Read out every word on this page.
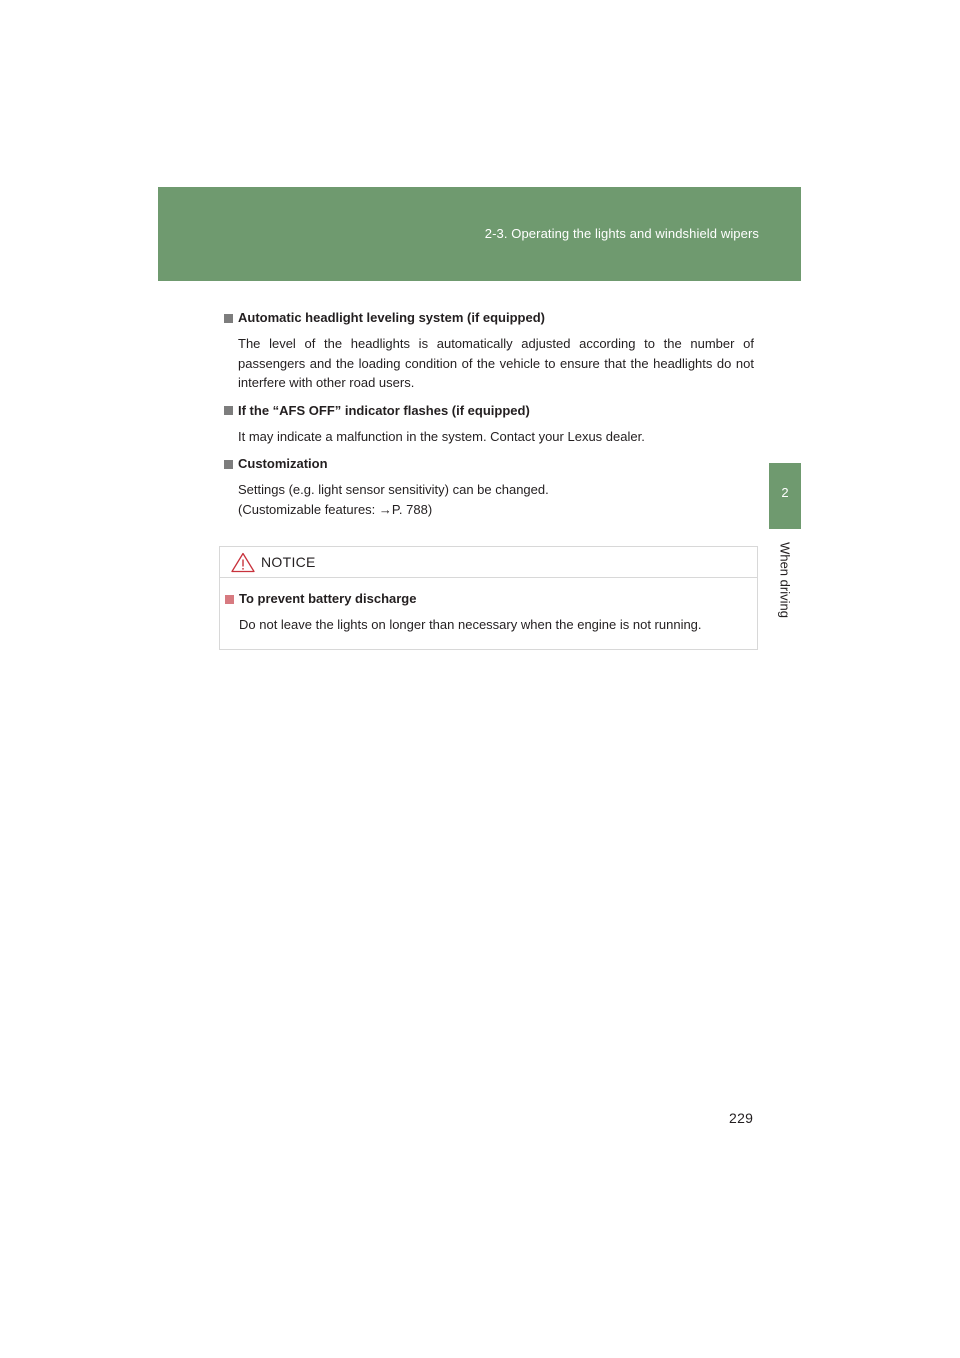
2-3. Operating the lights and windshield wipers
2
When driving
Automatic headlight leveling system (if equipped)
The level of the headlights is automatically adjusted according to the number of passengers and the loading condition of the vehicle to ensure that the headlights do not interfere with other road users.
If the “AFS OFF” indicator flashes (if equipped)
It may indicate a malfunction in the system. Contact your Lexus dealer.
Customization
Settings (e.g. light sensor sensitivity) can be changed.
(Customizable features: →P. 788)
NOTICE
To prevent battery discharge
Do not leave the lights on longer than necessary when the engine is not running.
229
